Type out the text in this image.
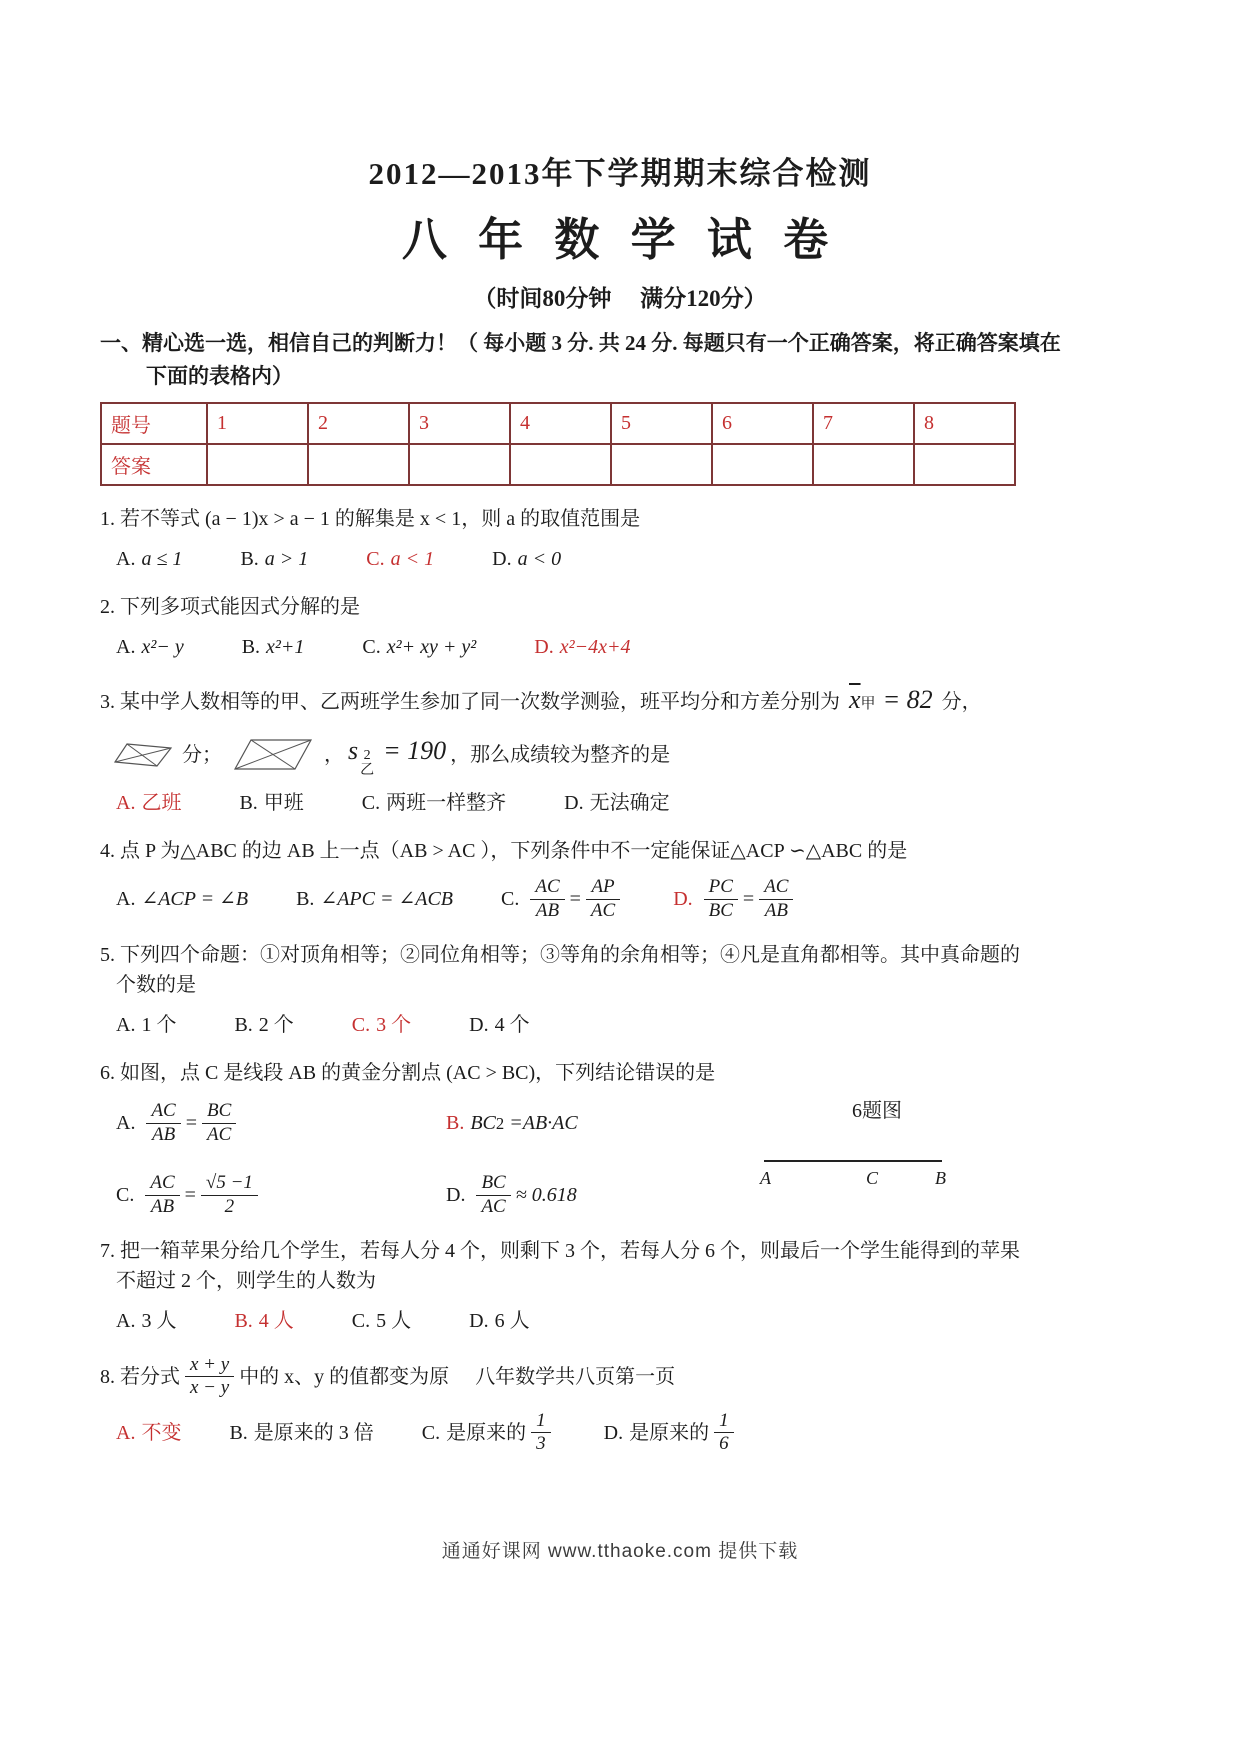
2012—2013年下学期期末综合检测
八 年 数 学 试 卷
（时间80分钟　 满分120分）
一、精心选一选，相信自己的判断力！（ 每小题 3 分. 共 24 分. 每题只有一个正确答案，将正确答案填在
下面的表格内）
题号	1	2	3	4	5	6	7	8
答案								
1. 若不等式 (a − 1)x > a − 1 的解集是 x < 1，则 a 的取值范围是
A. a ≤ 1	B. a > 1	C. a < 1	D. a < 0
2. 下列多项式能因式分解的是
A. x²− y	B. x²+1	C. x²+ xy + y²	D. x²−4x+4
3. 某中学人数相等的甲、乙两班学生参加了同一次数学测验，班平均分和方差分别为 $\overline{x}$ 甲 = 82 分，
分；	， s 2
乙
= 190 ，那么成绩较为整齐的是
A. 乙班	B. 甲班	C. 两班一样整齐	D. 无法确定
4. 点 P 为△ABC 的边 AB 上一点（AB > AC ），下列条件中不一定能保证△ACP ∽△ABC 的是
A. ∠ACP = ∠B B. ∠APC = ∠ACB C. $\frac{AC}{AB} = \frac{AP}{AC}$	D. $\frac{PC}{BC} = \frac{AC}{AB}$
5. 下列四个命题：①对顶角相等；②同位角相等；③等角的余角相等；④凡是直角都相等。其中真命题的
个数的是
A. 1 个	B. 2 个	C. 3 个	D. 4 个
6. 如图，点 C 是线段 AB 的黄金分割点 (AC > BC)，下列结论错误的是
A. $\frac{AC}{AB} = \frac{BC}{AC}$	B. BC 2
=AB·AC
C. $\frac{AC}{AB} = \frac{√5 -1}{2}$	D. $\frac{BC}{AC} \approx 0.618$
6题图
A	C	B
7. 把一箱苹果分给几个学生，若每人分 4 个，则剩下 3 个，若每人分 6 个，则最后一个学生能得到的苹果
不超过 2 个，则学生的人数为
A. 3 人	B. 4 人	C. 5 人	D. 6 人
8. 若分式 $\frac{x + y}{x - y}$ 中的 x、y 的值都变为原 八年数学共八页第一页
A. 不变 B. 是原来的 3 倍 C. 是原来的 $\frac{1}{3}$	D. 是原来的 $\frac{1}{6}$
通通好课网 www.tthaoke.com 提供下载
